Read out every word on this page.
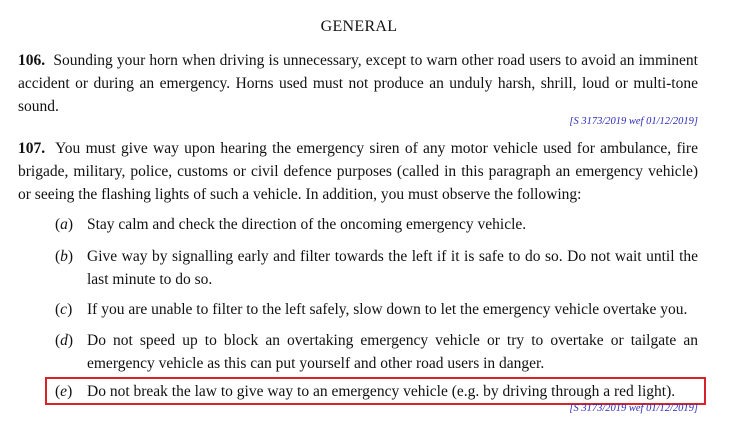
GENERAL
106. Sounding your horn when driving is unnecessary, except to warn other road users to avoid an imminent accident or during an emergency. Horns used must not produce an unduly harsh, shrill, loud or multi-tone sound.
[S 3173/2019 wef 01/12/2019]
107. You must give way upon hearing the emergency siren of any motor vehicle used for ambulance, fire brigade, military, police, customs or civil defence purposes (called in this paragraph an emergency vehicle) or seeing the flashing lights of such a vehicle. In addition, you must observe the following:
(a) Stay calm and check the direction of the oncoming emergency vehicle.
(b) Give way by signalling early and filter towards the left if it is safe to do so. Do not wait until the last minute to do so.
(c) If you are unable to filter to the left safely, slow down to let the emergency vehicle overtake you.
(d) Do not speed up to block an overtaking emergency vehicle or try to overtake or tailgate an emergency vehicle as this can put yourself and other road users in danger.
(e) Do not break the law to give way to an emergency vehicle (e.g. by driving through a red light).
[S 3173/2019 wef 01/12/2019]
